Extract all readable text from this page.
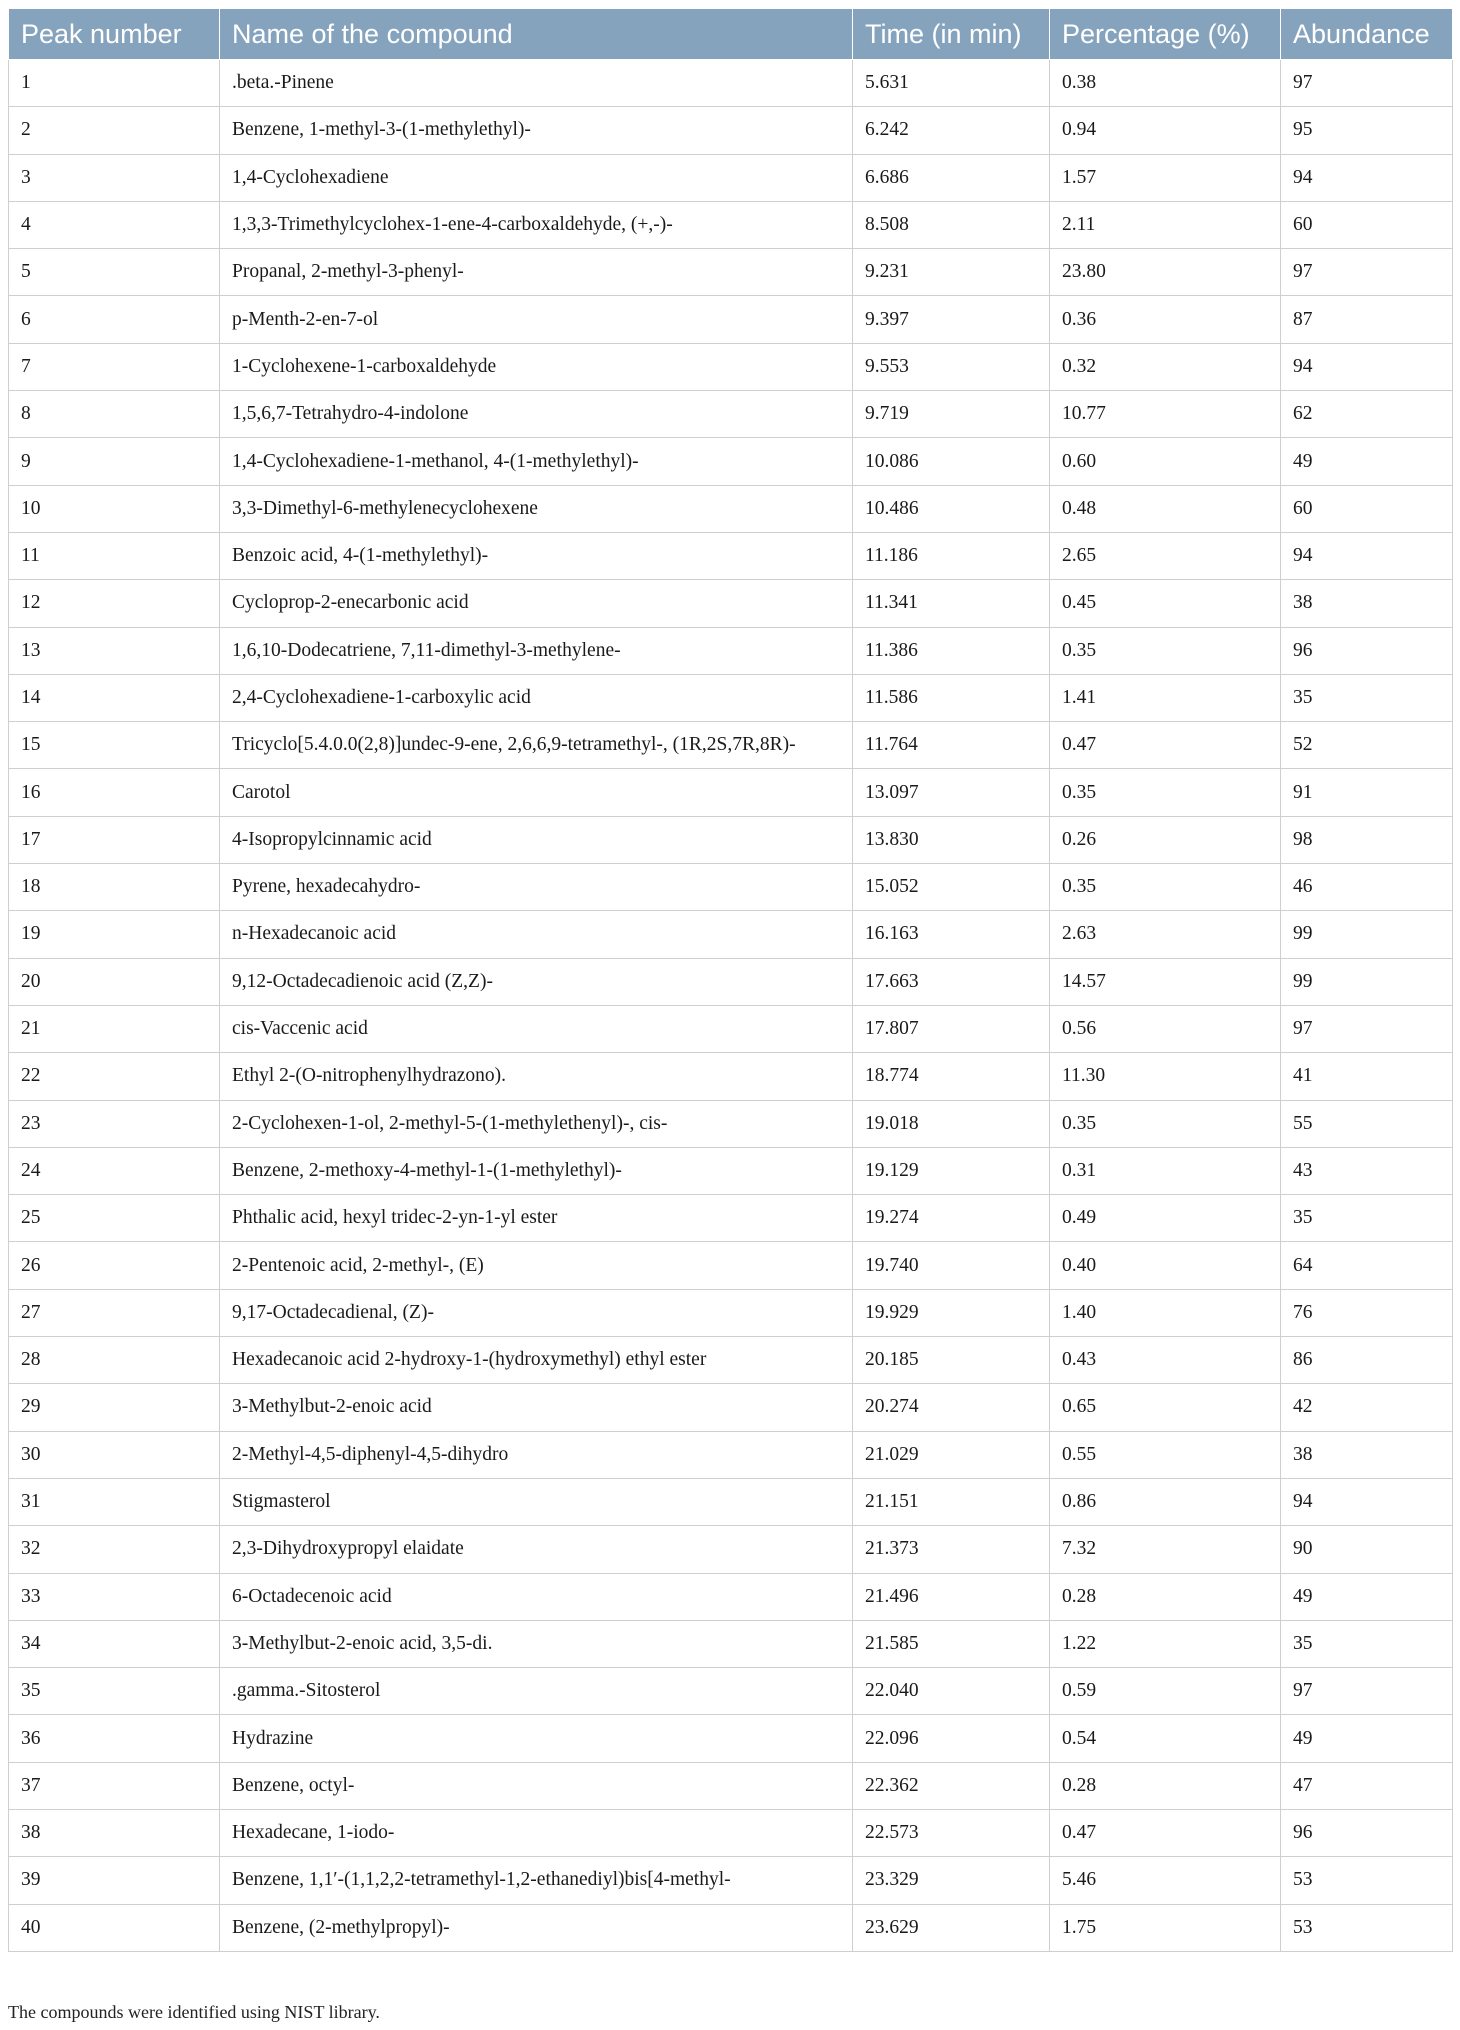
Peak number	Name of the compound	Time (in min)	Percentage (%)	Abundance
1	.beta.-Pinene	5.631	0.38	97
2	Benzene, 1-methyl-3-(1-methylethyl)-	6.242	0.94	95
3	1,4-Cyclohexadiene	6.686	1.57	94
4	1,3,3-Trimethylcyclohex-1-ene-4-carboxaldehyde, (+,-)-	8.508	2.11	60
5	Propanal, 2-methyl-3-phenyl-	9.231	23.80	97
6	p-Menth-2-en-7-ol	9.397	0.36	87
7	1-Cyclohexene-1-carboxaldehyde	9.553	0.32	94
8	1,5,6,7-Tetrahydro-4-indolone	9.719	10.77	62
9	1,4-Cyclohexadiene-1-methanol, 4-(1-methylethyl)-	10.086	0.60	49
10	3,3-Dimethyl-6-methylenecyclohexene	10.486	0.48	60
11	Benzoic acid, 4-(1-methylethyl)-	11.186	2.65	94
12	Cycloprop-2-enecarbonic acid	11.341	0.45	38
13	1,6,10-Dodecatriene, 7,11-dimethyl-3-methylene-	11.386	0.35	96
14	2,4-Cyclohexadiene-1-carboxylic acid	11.586	1.41	35
15	Tricyclo[5.4.0.0(2,8)]undec-9-ene, 2,6,6,9-tetramethyl-, (1R,2S,7R,8R)-	11.764	0.47	52
16	Carotol	13.097	0.35	91
17	4-Isopropylcinnamic acid	13.830	0.26	98
18	Pyrene, hexadecahydro-	15.052	0.35	46
19	n-Hexadecanoic acid	16.163	2.63	99
20	9,12-Octadecadienoic acid (Z,Z)-	17.663	14.57	99
21	cis-Vaccenic acid	17.807	0.56	97
22	Ethyl 2-(O-nitrophenylhydrazono).	18.774	11.30	41
23	2-Cyclohexen-1-ol, 2-methyl-5-(1-methylethenyl)-, cis-	19.018	0.35	55
24	Benzene, 2-methoxy-4-methyl-1-(1-methylethyl)-	19.129	0.31	43
25	Phthalic acid, hexyl tridec-2-yn-1-yl ester	19.274	0.49	35
26	2-Pentenoic acid, 2-methyl-, (E)	19.740	0.40	64
27	9,17-Octadecadienal, (Z)-	19.929	1.40	76
28	Hexadecanoic acid 2-hydroxy-1-(hydroxymethyl) ethyl ester	20.185	0.43	86
29	3-Methylbut-2-enoic acid	20.274	0.65	42
30	2-Methyl-4,5-diphenyl-4,5-dihydro	21.029	0.55	38
31	Stigmasterol	21.151	0.86	94
32	2,3-Dihydroxypropyl elaidate	21.373	7.32	90
33	6-Octadecenoic acid	21.496	0.28	49
34	3-Methylbut-2-enoic acid, 3,5-di.	21.585	1.22	35
35	.gamma.-Sitosterol	22.040	0.59	97
36	Hydrazine	22.096	0.54	49
37	Benzene, octyl-	22.362	0.28	47
38	Hexadecane, 1-iodo-	22.573	0.47	96
39	Benzene, 1,1′-(1,1,2,2-tetramethyl-1,2-ethanediyl)bis[4-methyl-	23.329	5.46	53
40	Benzene, (2-methylpropyl)-	23.629	1.75	53
The compounds were identified using NIST library.
